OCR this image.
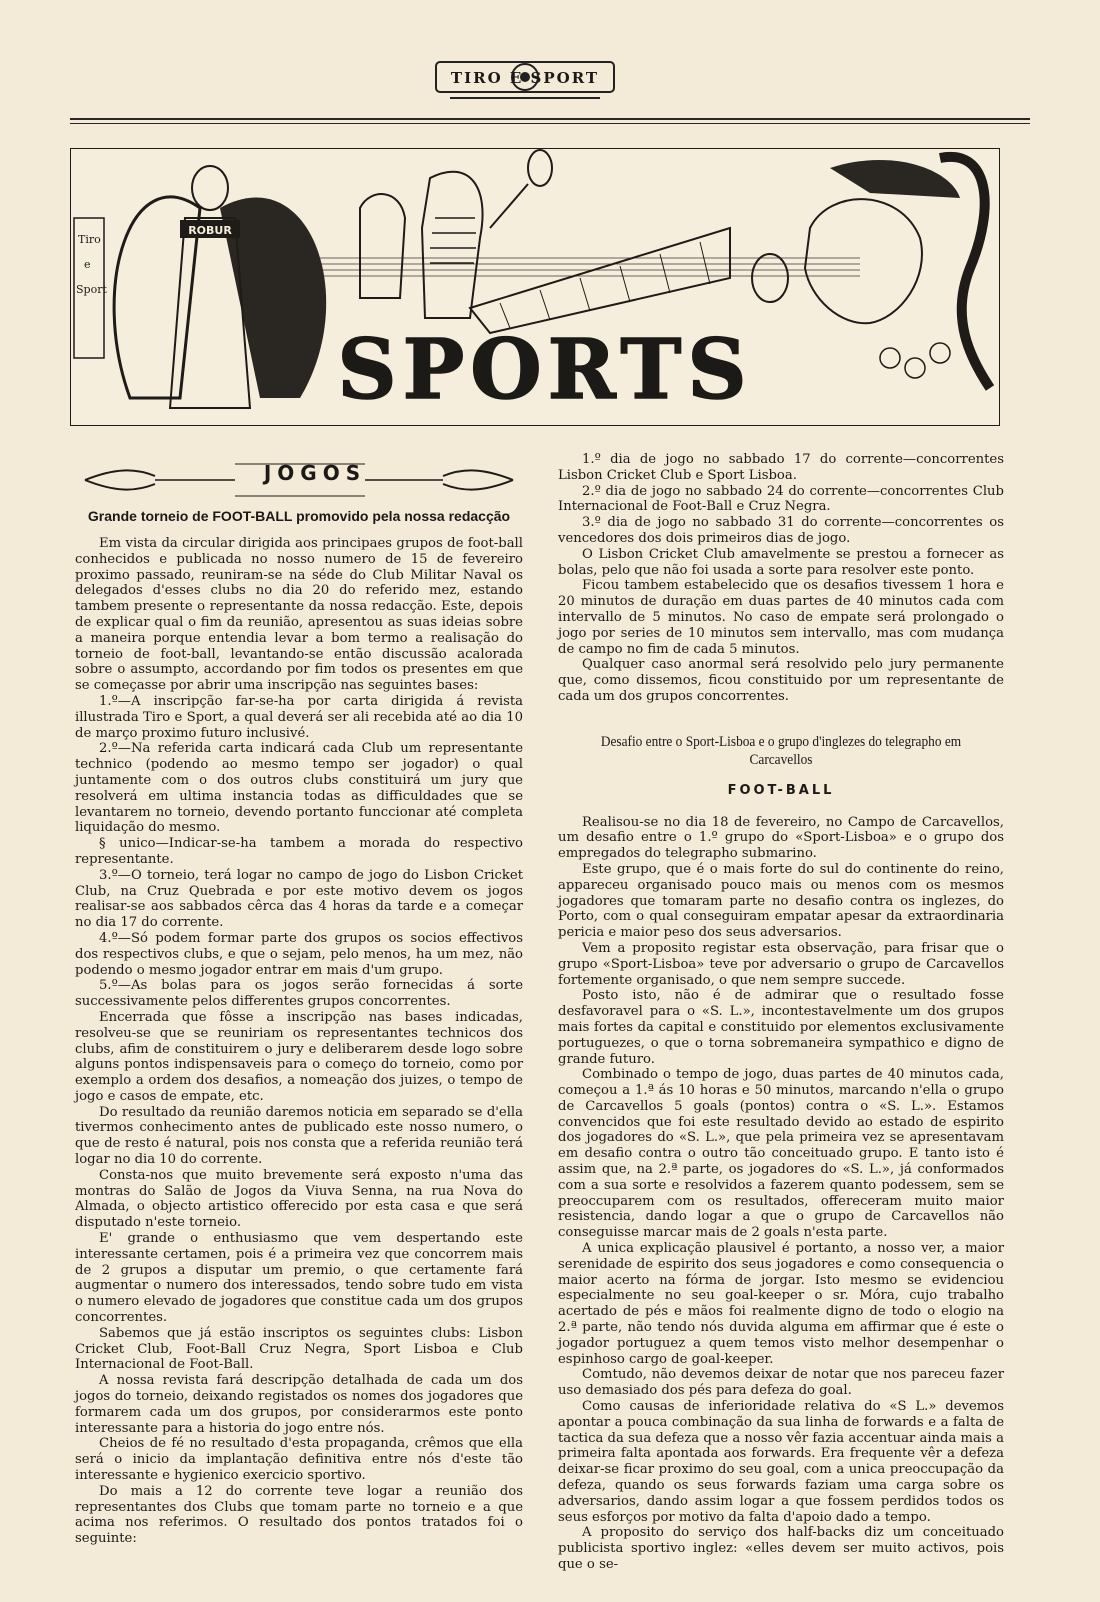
TIRO E SPORT
Tiro
e
Sport
ROBUR
SPORTS
JOGOS
Grande torneio de FOOT-BALL promovido pela nossa redacção

Em vista da circular dirigida aos principaes grupos de foot-ball conhecidos e publicada no nosso numero de 15 de fevereiro proximo passado, reuniram-se na séde do Club Militar Naval os delegados d'esses clubs no dia 20 do referido mez, estando tambem presente o representante da nossa redacção. Este, depois de explicar qual o fim da reunião, apresentou as suas ideias sobre a maneira porque entendia levar a bom termo a realisação do torneio de foot-ball, levantando-se então discussão acalorada sobre o assumpto, accordando por fim todos os presentes em que se começasse por abrir uma inscripção nas seguintes bases:

1.º—A inscripção far-se-ha por carta dirigida á revista illustrada Tiro e Sport, a qual deverá ser ali recebida até ao dia 10 de março proximo futuro inclusivé.

2.º—Na referida carta indicará cada Club um representante technico (podendo ao mesmo tempo ser jogador) o qual juntamente com o dos outros clubs constituirá um jury que resolverá em ultima instancia todas as difficuldades que se levantarem no torneio, devendo portanto funccionar até completa liquidação do mesmo.

§ unico—Indicar-se-ha tambem a morada do respectivo representante.

3.º—O torneio, terá logar no campo de jogo do Lisbon Cricket Club, na Cruz Quebrada e por este motivo devem os jogos realisar-se aos sabbados cêrca das 4 horas da tarde e a começar no dia 17 do corrente.

4.º—Só podem formar parte dos grupos os socios effectivos dos respectivos clubs, e que o sejam, pelo menos, ha um mez, não podendo o mesmo jogador entrar em mais d'um grupo.

5.º—As bolas para os jogos serão fornecidas á sorte successivamente pelos differentes grupos concorrentes.

Encerrada que fôsse a inscripção nas bases indicadas, resolveu-se que se reuniriam os representantes technicos dos clubs, afim de constituirem o jury e deliberarem desde logo sobre alguns pontos indispensaveis para o começo do torneio, como por exemplo a ordem dos desafios, a nomeação dos juizes, o tempo de jogo e casos de empate, etc.

Do resultado da reunião daremos noticia em separado se d'ella tivermos conhecimento antes de publicado este nosso numero, o que de resto é natural, pois nos consta que a referida reunião terá logar no dia 10 do corrente.

Consta-nos que muito brevemente será exposto n'uma das montras do Salão de Jogos da Viuva Senna, na rua Nova do Almada, o objecto artistico offerecido por esta casa e que será disputado n'este torneio.

E' grande o enthusiasmo que vem despertando este interessante certamen, pois é a primeira vez que concorrem mais de 2 grupos a disputar um premio, o que certamente fará augmentar o numero dos interessados, tendo sobre tudo em vista o numero elevado de jogadores que constitue cada um dos grupos concorrentes.

Sabemos que já estão inscriptos os seguintes clubs: Lisbon Cricket Club, Foot-Ball Cruz Negra, Sport Lisboa e Club Internacional de Foot-Ball.

A nossa revista fará descripção detalhada de cada um dos jogos do torneio, deixando registados os nomes dos jogadores que formarem cada um dos grupos, por considerarmos este ponto interessante para a historia do jogo entre nós.

Cheios de fé no resultado d'esta propaganda, crêmos que ella será o inicio da implantação definitiva entre nós d'este tão interessante e hygienico exercicio sportivo.

Do mais a 12 do corrente teve logar a reunião dos representantes dos Clubs que tomam parte no torneio e a que acima nos referimos. O resultado dos pontos tratados foi o seguinte:

1.º dia de jogo no sabbado 17 do corrente—concorrentes Lisbon Cricket Club e Sport Lisboa.

2.º dia de jogo no sabbado 24 do corrente—concorrentes Club Internacional de Foot-Ball e Cruz Negra.

3.º dia de jogo no sabbado 31 do corrente—concorrentes os vencedores dos dois primeiros dias de jogo.

O Lisbon Cricket Club amavelmente se prestou a fornecer as bolas, pelo que não foi usada a sorte para resolver este ponto.

Ficou tambem estabelecido que os desafios tivessem 1 hora e 20 minutos de duração em duas partes de 40 minutos cada com intervallo de 5 minutos. No caso de empate será prolongado o jogo por series de 10 minutos sem intervallo, mas com mudança de campo no fim de cada 5 minutos.

Qualquer caso anormal será resolvido pelo jury permanente que, como dissemos, ficou constituido por um representante de cada um dos grupos concorrentes.

Desafio entre o Sport-Lisboa e o grupo d'inglezes do telegrapho em Carcavellos
FOOT-BALL

Realisou-se no dia 18 de fevereiro, no Campo de Carcavellos, um desafio entre o 1.º grupo do «Sport-Lisboa» e o grupo dos empregados do telegrapho submarino.

Este grupo, que é o mais forte do sul do continente do reino, appareceu organisado pouco mais ou menos com os mesmos jogadores que tomaram parte no desafio contra os inglezes, do Porto, com o qual conseguiram empatar apesar da extraordinaria pericia e maior peso dos seus adversarios.

Vem a proposito registar esta observação, para frisar que o grupo «Sport-Lisboa» teve por adversario o grupo de Carcavellos fortemente organisado, o que nem sempre succede.

Posto isto, não é de admirar que o resultado fosse desfavoravel para o «S. L.», incontestavelmente um dos grupos mais fortes da capital e constituido por elementos exclusivamente portuguezes, o que o torna sobremaneira sympathico e digno de grande futuro.

Combinado o tempo de jogo, duas partes de 40 minutos cada, começou a 1.ª ás 10 horas e 50 minutos, marcando n'ella o grupo de Carcavellos 5 goals (pontos) contra o «S. L.». Estamos convencidos que foi este resultado devido ao estado de espirito dos jogadores do «S. L.», que pela primeira vez se apresentavam em desafio contra o outro tão conceituado grupo. E tanto isto é assim que, na 2.ª parte, os jogadores do «S. L.», já conformados com a sua sorte e resolvidos a fazerem quanto podessem, sem se preoccuparem com os resultados, offereceram muito maior resistencia, dando logar a que o grupo de Carcavellos não conseguisse marcar mais de 2 goals n'esta parte.

A unica explicação plausivel é portanto, a nosso ver, a maior serenidade de espirito dos seus jogadores e como consequencia o maior acerto na fórma de jorgar. Isto mesmo se evidenciou especialmente no seu goal-keeper o sr. Móra, cujo trabalho acertado de pés e mãos foi realmente digno de todo o elogio na 2.ª parte, não tendo nós duvida alguma em affirmar que é este o jogador portuguez a quem temos visto melhor desempenhar o espinhoso cargo de goal-keeper.

Comtudo, não devemos deixar de notar que nos pareceu fazer uso demasiado dos pés para defeza do goal.

Como causas de inferioridade relativa do «S L.» devemos apontar a pouca combinação da sua linha de forwards e a falta de tactica da sua defeza que a nosso vêr fazia accentuar ainda mais a primeira falta apontada aos forwards. Era frequente vêr a defeza deixar-se ficar proximo do seu goal, com a unica preoccupação da defeza, quando os seus forwards faziam uma carga sobre os adversarios, dando assim logar a que fossem perdidos todos os seus esforços por motivo da falta d'apoio dado a tempo.

A proposito do serviço dos half-backs diz um conceituado publicista sportivo inglez: «elles devem ser muito activos, pois que o se-
